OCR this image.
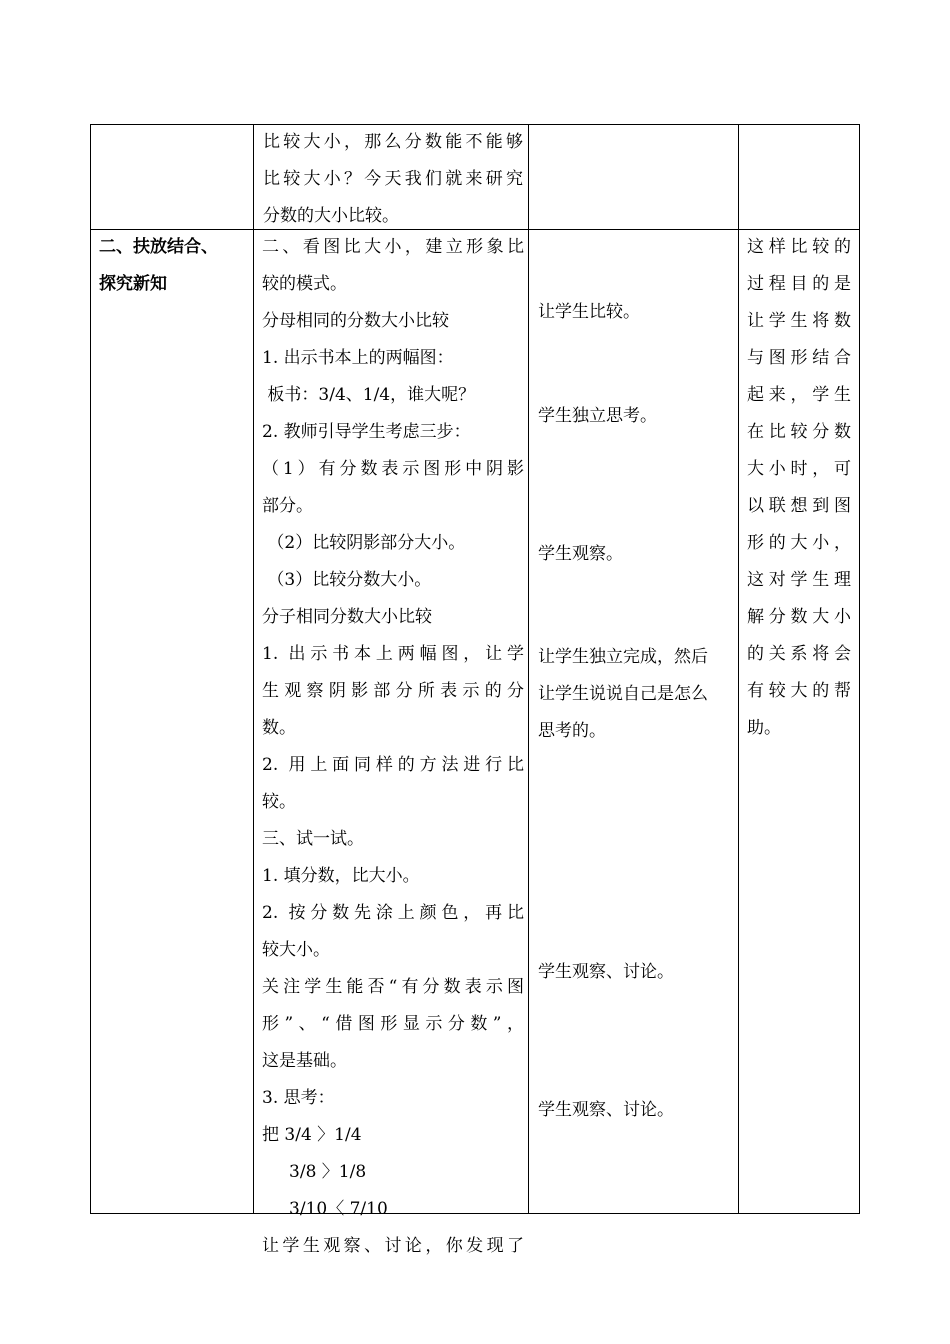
比较大小，那么分数能不能够
比较大小？今天我们就来研究
分数的大小比较。
二、扶放结合、
探究新知
二、看图比大小，建立形象比
较的模式。
分母相同的分数大小比较
1. 出示书本上的两幅图：
板书：3/4、1/4，谁大呢？
2. 教师引导学生考虑三步：
（1）有分数表示图形中阴影
部分。
（2）比较阴影部分大小。
（3）比较分数大小。
分子相同分数大小比较
1. 出示书本上两幅图，让学
生观察阴影部分所表示的分
数。
2. 用上面同样的方法进行比
较。
三、试一试。
1. 填分数，比大小。
2. 按分数先涂上颜色，再比
较大小。
关注学生能否“有分数表示图
形”、“借图形显示分数”，
这是基础。
3. 思考：
把 3/4 〉1/4
3/8 〉1/8
3/10〈 7/10
让学生观察、讨论，你发现了
让学生比较。
学生独立思考。
学生观察。
让学生独立完成，然后
让学生说说自己是怎么
思考的。
学生观察、讨论。
学生观察、讨论。
这样比较的
过程目的是
让学生将数
与图形结合
起来，学生
在比较分数
大小时，可
以联想到图
形的大小，
这对学生理
解分数大小
的关系将会
有较大的帮
助。
